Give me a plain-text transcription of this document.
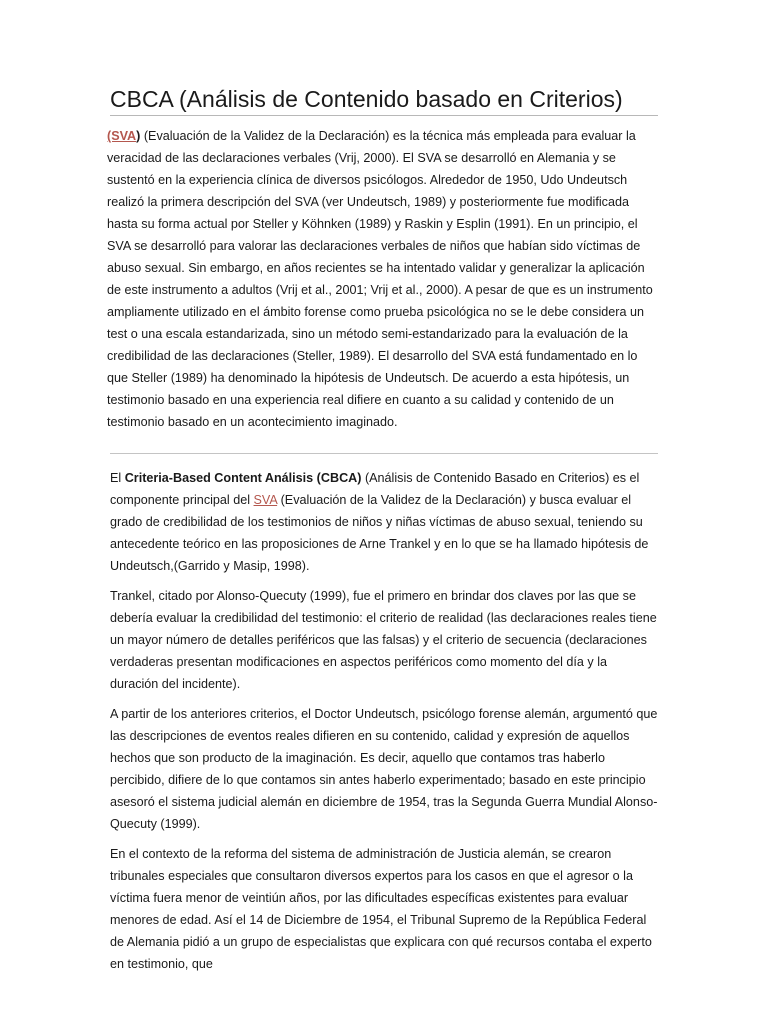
CBCA (Análisis de Contenido basado en Criterios)

(SVA) (Evaluación de la Validez de la Declaración) es la técnica más empleada para evaluar la veracidad de las declaraciones verbales (Vrij, 2000). El SVA se desarrolló en Alemania y se sustentó en la experiencia clínica de diversos psicólogos. Alrededor de 1950, Udo Undeutsch realizó la primera descripción del SVA (ver Undeutsch, 1989) y posteriormente fue modificada hasta su forma actual por Steller y Köhnken (1989) y Raskin y Esplin (1991). En un principio, el SVA se desarrolló para valorar las declaraciones verbales de niños que habían sido víctimas de abuso sexual. Sin embargo, en años recientes se ha intentado validar y generalizar la aplicación de este instrumento a adultos (Vrij et al., 2001; Vrij et al., 2000). A pesar de que es un instrumento ampliamente utilizado en el ámbito forense como prueba psicológica no se le debe considera un test o una escala estandarizada, sino un método semi-estandarizado para la evaluación de la credibilidad de las declaraciones (Steller, 1989). El desarrollo del SVA está fundamentado en lo que Steller (1989) ha denominado la hipótesis de Undeutsch. De acuerdo a esta hipótesis, un testimonio basado en una experiencia real difiere en cuanto a su calidad y contenido de un testimonio basado en un acontecimiento imaginado.

El Criteria-Based Content Análisis (CBCA) (Análisis de Contenido Basado en Criterios) es el componente principal del SVA (Evaluación de la Validez de la Declaración) y busca evaluar el grado de credibilidad de los testimonios de niños y niñas víctimas de abuso sexual, teniendo su antecedente teórico en las proposiciones de Arne Trankel y en lo que se ha llamado hipótesis de Undeutsch,(Garrido y Masip, 1998).

Trankel, citado por Alonso-Quecuty (1999), fue el primero en brindar dos claves por las que se debería evaluar la credibilidad del testimonio: el criterio de realidad (las declaraciones reales tiene un mayor número de detalles periféricos que las falsas) y el criterio de secuencia (declaraciones verdaderas presentan modificaciones en aspectos periféricos como momento del día y la duración del incidente).

A partir de los anteriores criterios, el Doctor Undeutsch, psicólogo forense alemán, argumentó que las descripciones de eventos reales difieren en su contenido, calidad y expresión de aquellos hechos que son producto de la imaginación. Es decir, aquello que contamos tras haberlo percibido, difiere de lo que contamos sin antes haberlo experimentado; basado en este principio asesoró el sistema judicial alemán en diciembre de 1954, tras la Segunda Guerra Mundial Alonso-Quecuty (1999).

En el contexto de la reforma del sistema de administración de Justicia alemán, se crearon tribunales especiales que consultaron diversos expertos para los casos en que el agresor o la víctima fuera menor de veintiún años, por las dificultades específicas existentes para evaluar menores de edad. Así el 14 de Diciembre de 1954, el Tribunal Supremo de la República Federal de Alemania pidió a un grupo de especialistas que explicara con qué recursos contaba el experto en testimonio, que
